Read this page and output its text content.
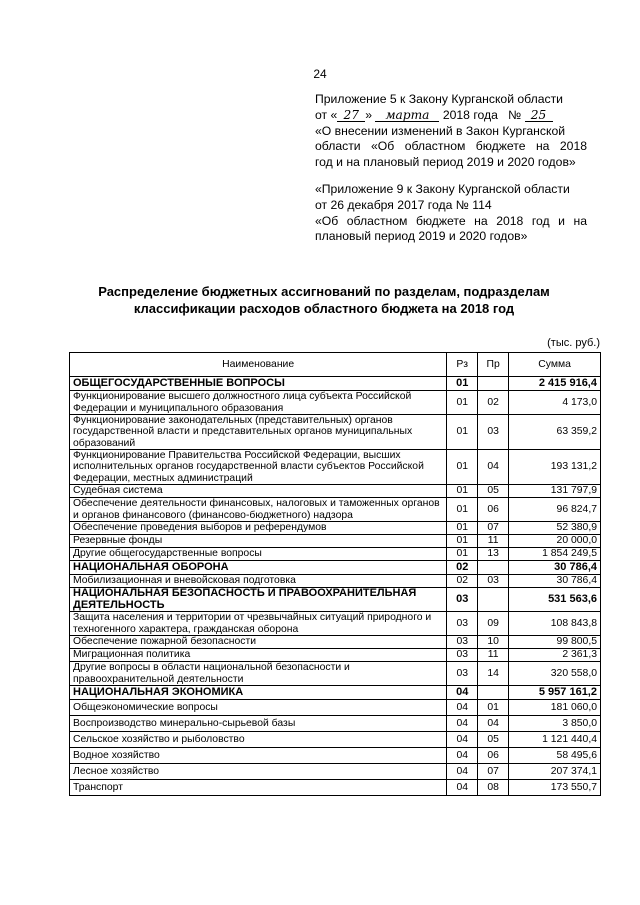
24
Приложение 5 к Закону Курганской области
от « 27 » марта 2018 года № 25
«О внесении изменений в Закон Курганской
области «Об областном бюджете на 2018
год и на плановый период 2019 и 2020 годов»
«Приложение 9 к Закону Курганской области
от 26 декабря 2017 года № 114
«Об областном бюджете на 2018 год и на
плановый период 2019 и 2020 годов»
Распределение бюджетных ассигнований по разделам, подразделам
классификации расходов областного бюджета на 2018 год
(тыс. руб.)
Наименование	Рз	Пр	Сумма
ОБЩЕГОСУДАРСТВЕННЫЕ ВОПРОСЫ	01		2 415 916,4
Функционирование высшего должностного лица субъекта Российской Федерации и муниципального образования	01	02	4 173,0
Функционирование законодательных (представительных) органов государственной власти и представительных органов муниципальных образований	01	03	63 359,2
Функционирование Правительства Российской Федерации, высших исполнительных органов государственной власти субъектов Российской Федерации, местных администраций	01	04	193 131,2
Судебная система	01	05	131 797,9
Обеспечение деятельности финансовых, налоговых и таможенных органов и органов финансового (финансово-бюджетного) надзора	01	06	96 824,7
Обеспечение проведения выборов и референдумов	01	07	52 380,9
Резервные фонды	01	11	20 000,0
Другие общегосударственные вопросы	01	13	1 854 249,5
НАЦИОНАЛЬНАЯ ОБОРОНА	02		30 786,4
Мобилизационная и вневойсковая подготовка	02	03	30 786,4
НАЦИОНАЛЬНАЯ БЕЗОПАСНОСТЬ И ПРАВООХРАНИТЕЛЬНАЯ ДЕЯТЕЛЬНОСТЬ	03		531 563,6
Защита населения и территории от чрезвычайных ситуаций природного и техногенного характера, гражданская оборона	03	09	108 843,8
Обеспечение пожарной безопасности	03	10	99 800,5
Миграционная политика	03	11	2 361,3
Другие вопросы в области национальной безопасности и правоохранительной деятельности	03	14	320 558,0
НАЦИОНАЛЬНАЯ ЭКОНОМИКА	04		5 957 161,2
Общеэкономические вопросы	04	01	181 060,0
Воспроизводство минерально-сырьевой базы	04	04	3 850,0
Сельское хозяйство и рыболовство	04	05	1 121 440,4
Водное хозяйство	04	06	58 495,6
Лесное хозяйство	04	07	207 374,1
Транспорт	04	08	173 550,7
